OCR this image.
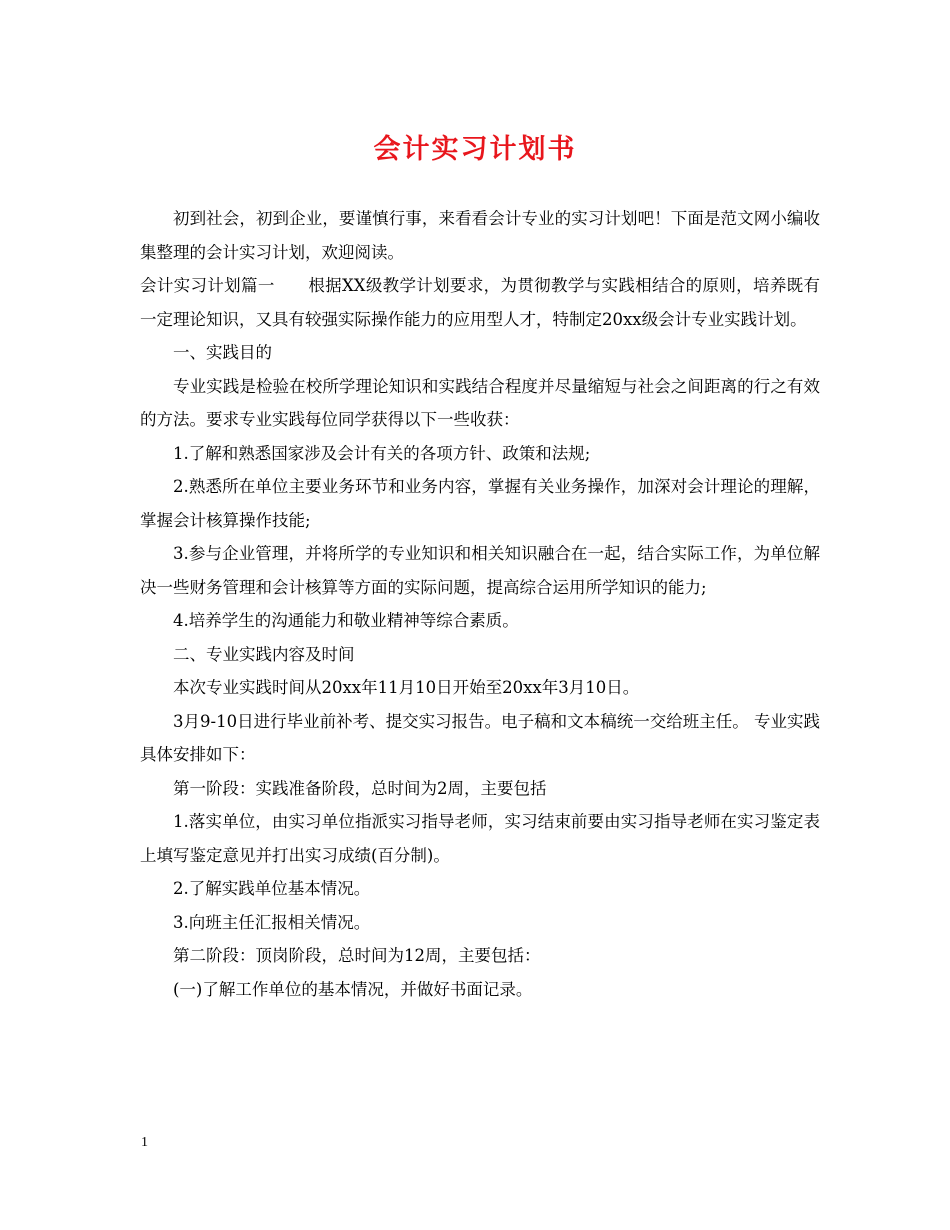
会计实习计划书

初到社会，初到企业，要谨慎行事，来看看会计专业的实习计划吧！下面是范文网小编收集整理的会计实习计划，欢迎阅读。

会计实习计划篇一　　根据XX级教学计划要求，为贯彻教学与实践相结合的原则，培养既有一定理论知识，又具有较强实际操作能力的应用型人才，特制定20xx级会计专业实践计划。

一、实践目的

专业实践是检验在校所学理论知识和实践结合程度并尽量缩短与社会之间距离的行之有效的方法。要求专业实践每位同学获得以下一些收获：

1.了解和熟悉国家涉及会计有关的各项方针、政策和法规;

2.熟悉所在单位主要业务环节和业务内容，掌握有关业务操作，加深对会计理论的理解，掌握会计核算操作技能;

3.参与企业管理，并将所学的专业知识和相关知识融合在一起，结合实际工作，为单位解决一些财务管理和会计核算等方面的实际问题，提高综合运用所学知识的能力;

4.培养学生的沟通能力和敬业精神等综合素质。

二、专业实践内容及时间

本次专业实践时间从20xx年11月10日开始至20xx年3月10日。

3月9-10日进行毕业前补考、提交实习报告。电子稿和文本稿统一交给班主任。 专业实践具体安排如下：

第一阶段：实践准备阶段，总时间为2周，主要包括

1.落实单位，由实习单位指派实习指导老师，实习结束前要由实习指导老师在实习鉴定表上填写鉴定意见并打出实习成绩(百分制)。

2.了解实践单位基本情况。

3.向班主任汇报相关情况。

第二阶段：顶岗阶段，总时间为12周，主要包括：

(一)了解工作单位的基本情况，并做好书面记录。

1
